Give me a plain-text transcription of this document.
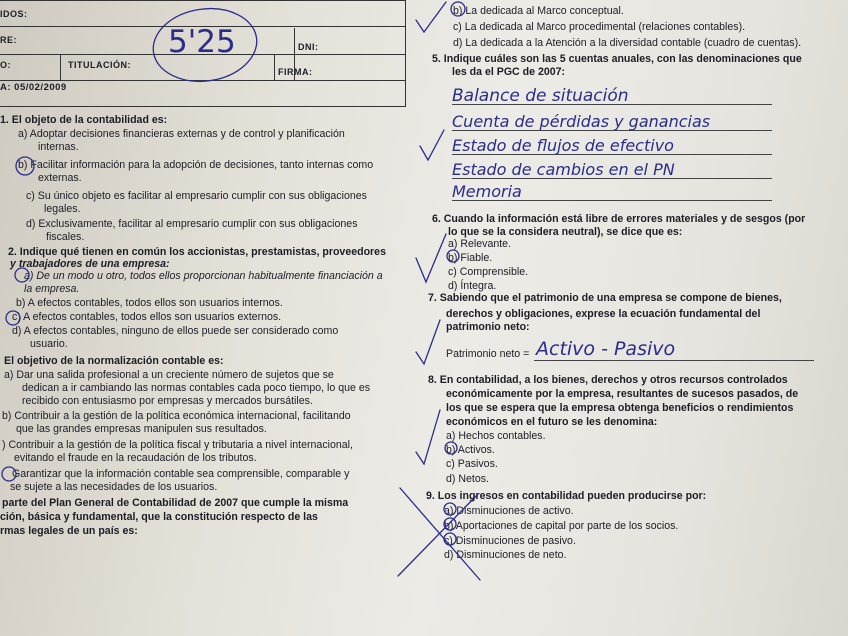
IDOS:
RE:
DNI:
O:	TITULACIÓN:
FIRMA:
A: 05/02/2009
5'25
1. El objeto de la contabilidad es:
a) Adoptar decisiones financieras externas y de control y planificación
internas.
b) Facilitar información para la adopción de decisiones, tanto internas como
externas.
c) Su único objeto es facilitar al empresario cumplir con sus obligaciones
legales.
d) Exclusivamente, facilitar al empresario cumplir con sus obligaciones
fiscales.
2. Indique qué tienen en común los accionistas, prestamistas, proveedores
y trabajadores de una empresa:
a) De un modo u otro, todos ellos proporcionan habitualmente financiación a
la empresa.
b) A efectos contables, todos ellos son usuarios internos.
c) A efectos contables, todos ellos son usuarios externos.
d) A efectos contables, ninguno de ellos puede ser considerado como
usuario.
El objetivo de la normalización contable es:
a) Dar una salida profesional a un creciente número de sujetos que se
dedican a ir cambiando las normas contables cada poco tiempo, lo que es
recibido con entusiasmo por empresas y mercados bursátiles.
b) Contribuir a la gestión de la política económica internacional, facilitando
que las grandes empresas manipulen sus resultados.
) Contribuir a la gestión de la política fiscal y tributaria a nivel internacional,
evitando el fraude en la recaudación de los tributos.
Garantizar que la información contable sea comprensible, comparable y
se sujete a las necesidades de los usuarios.
parte del Plan General de Contabilidad de 2007 que cumple la misma
ción, básica y fundamental, que la constitución respecto de las
rmas legales de un país es:
b) La dedicada al Marco conceptual.
c) La dedicada al Marco procedimental (relaciones contables).
d) La dedicada a la Atención a la diversidad contable (cuadro de cuentas).
5. Indique cuáles son las 5 cuentas anuales, con las denominaciones que
les da el PGC de 2007:
Balance de situación
Cuenta de pérdidas y ganancias
Estado de flujos de efectivo
Estado de cambios en el PN
Memoria
6. Cuando la información está libre de errores materiales y de sesgos (por
lo que se la considera neutral), se dice que es:
a) Relevante.
b) Fiable.
c) Comprensible.
d) Íntegra.
7. Sabiendo que el patrimonio de una empresa se compone de bienes,
derechos y obligaciones, exprese la ecuación fundamental del
patrimonio neto:
Patrimonio neto = Activo - Pasivo
8. En contabilidad, a los bienes, derechos y otros recursos controlados
económicamente por la empresa, resultantes de sucesos pasados, de
los que se espera que la empresa obtenga beneficios o rendimientos
económicos en el futuro se les denomina:
a) Hechos contables.
b) Activos.
c) Pasivos.
d) Netos.
9. Los ingresos en contabilidad pueden producirse por:
a) Disminuciones de activo.
b) Aportaciones de capital por parte de los socios.
c) Disminuciones de pasivo.
d) Disminuciones de neto.
